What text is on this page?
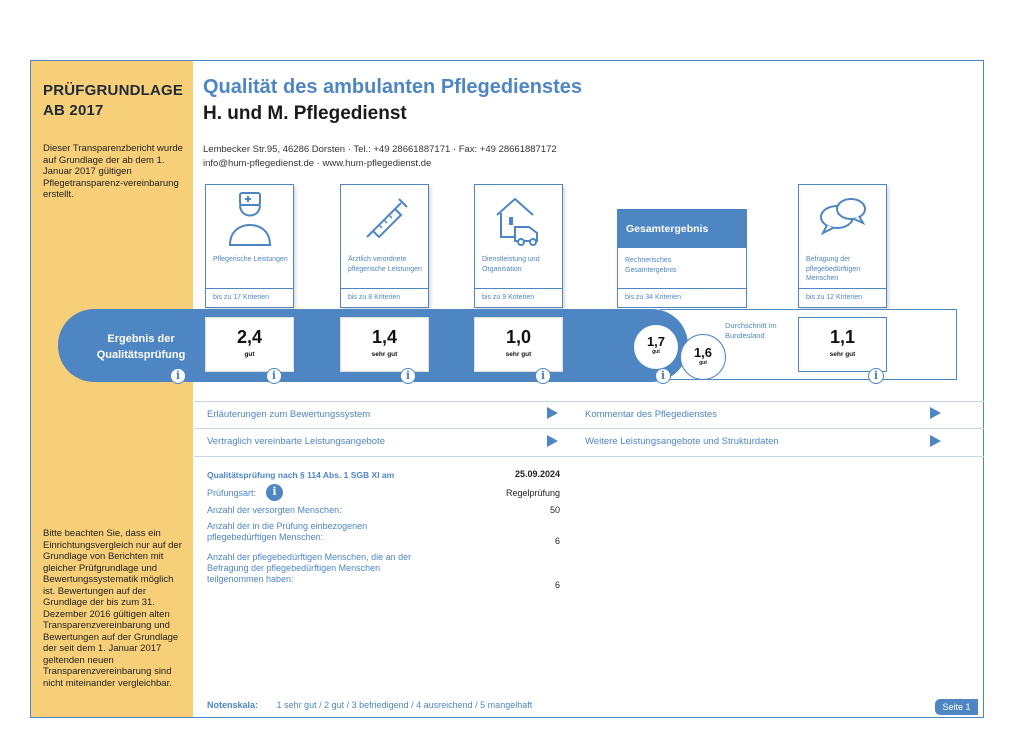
PRÜFGRUNDLAGE
AB 2017
Dieser Transparenzbericht wurde auf Grundlage der ab dem 1. Januar 2017 gültigen Pflegetransparenz-vereinbarung erstellt.
Bitte beachten Sie, dass ein Einrichtungsvergleich nur auf der Grundlage von Berichten mit gleicher Prüfgrundlage und Bewertungssystematik möglich ist. Bewertungen auf der Grundlage der bis zum 31. Dezember 2016 gültigen alten Transparenzvereinbarung und Bewertungen auf der Grundlage der seit dem 1. Januar 2017 geltenden neuen Transparenzvereinbarung sind nicht miteinander vergleichbar.
Qualität des ambulanten Pflegedienstes
H. und M. Pflegedienst
Lembecker Str.95, 46286 Dorsten · Tel.: +49 28661887171 · Fax: +49 28661887172
info@hum-pflegedienst.de · www.hum-pflegedienst.de
Pflegerische Leistungen
bis zu 17 Kriterien
Ärztlich verordnete pflegerische Leistungen
bis zu 8 Kriterien
Dienstleistung und Organisation
bis zu 9 Kriterien
Gesamtergebnis
Rechnerisches Gesamtergebnis
bis zu 34 Kriterien
Befragung der pflegebedürftigen Menschen
bis zu 12 Kriterien
Ergebnis der Qualitätsprüfung
i
2,4
gut
i
1,4
sehr gut
i
1,0
sehr gut
i
1,7
gut
i
1,6
gut
Durchschnitt im Bundesland	1,1
sehr gut
i
Erläuterungen zum Bewertungssystem	Kommentar des Pflegedienstes
Vertraglich vereinbarte Leistungsangebote	Weitere Leistungsangebote und Strukturdaten
Qualitätsprüfung nach § 114 Abs. 1 SGB XI am	25.09.2024
Prüfungsart:	i	Regelprüfung
Anzahl der versorgten Menschen:	50
Anzahl der in die Prüfung einbezogenen pflegebedürftigen Menschen:	6
Anzahl der pflegebedürftigen Menschen, die an der Befragung der pflegebedürftigen Menschen teilgenommen haben:
6
Notenskala: 1 sehr gut / 2 gut / 3 befriedigend / 4 ausreichend / 5 mangelhaft	Seite 1
